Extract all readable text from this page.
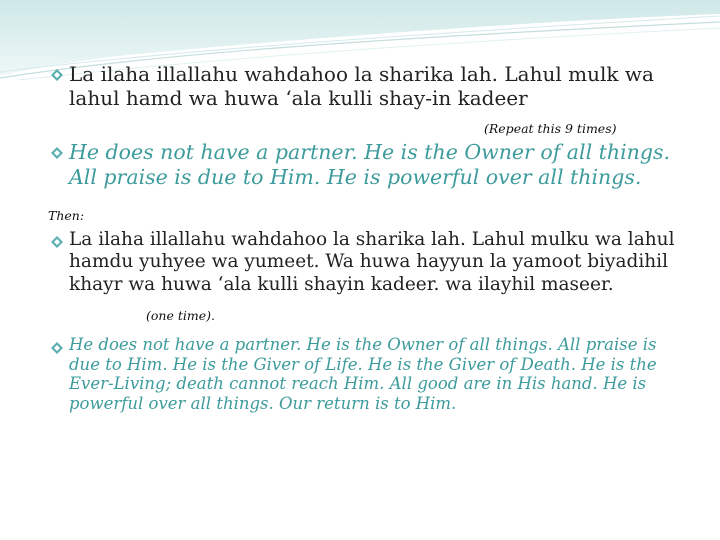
La ilaha illallahu wahdahoo la sharika lah. Lahul mulk wa lahul hamd wa huwa ‘ala kulli shay-in kadeer

(Repeat this 9 times)

He does not have a partner. He is the Owner of all things. All praise is due to Him. He is powerful over all things.

Then:

La ilaha illallahu wahdahoo la sharika lah. Lahul mulku wa lahul hamdu yuhyee wa yumeet. Wa huwa hayyun la yamoot biyadihil khayr wa huwa ‘ala kulli shayin kadeer. wa ilayhil maseer.

(one time).

He does not have a partner. He is the Owner of all things. All praise is due to Him. He is the Giver of Life. He is the Giver of Death. He is the Ever-Living; death cannot reach Him. All good are in His hand. He is powerful over all things. Our return is to Him.
